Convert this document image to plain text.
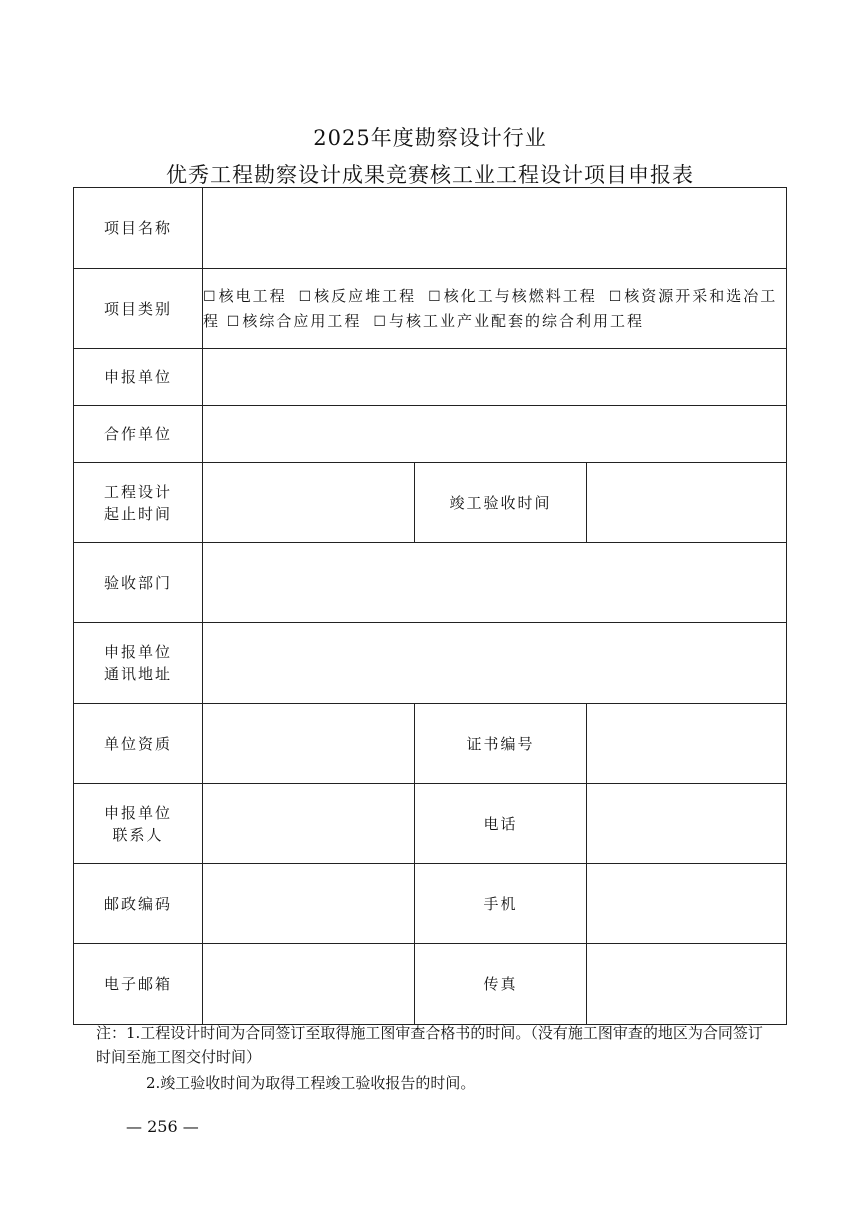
2025年度勘察设计行业
优秀工程勘察设计成果竞赛核工业工程设计项目申报表
项目名称			
项目类别	☐核电工程 ☐核反应堆工程 ☐核化工与核燃料工程 ☐核资源开采和选冶工程 ☐核综合应用工程 ☐与核工业产业配套的综合利用工程		
申报单位			
合作单位			

工程设计
起止时间		竣工验收时间	
验收部门			

申报单位
通讯地址			

单位资质		证书编号	

申报单位
联系人		电话	
邮政编码		手机	
电子邮箱		传真	

注：1.工程设计时间为合同签订至取得施工图审查合格书的时间。（没有施工图审查的地区为合同签订时间至施工图交付时间）

2.竣工验收时间为取得工程竣工验收报告的时间。

— 256 —
